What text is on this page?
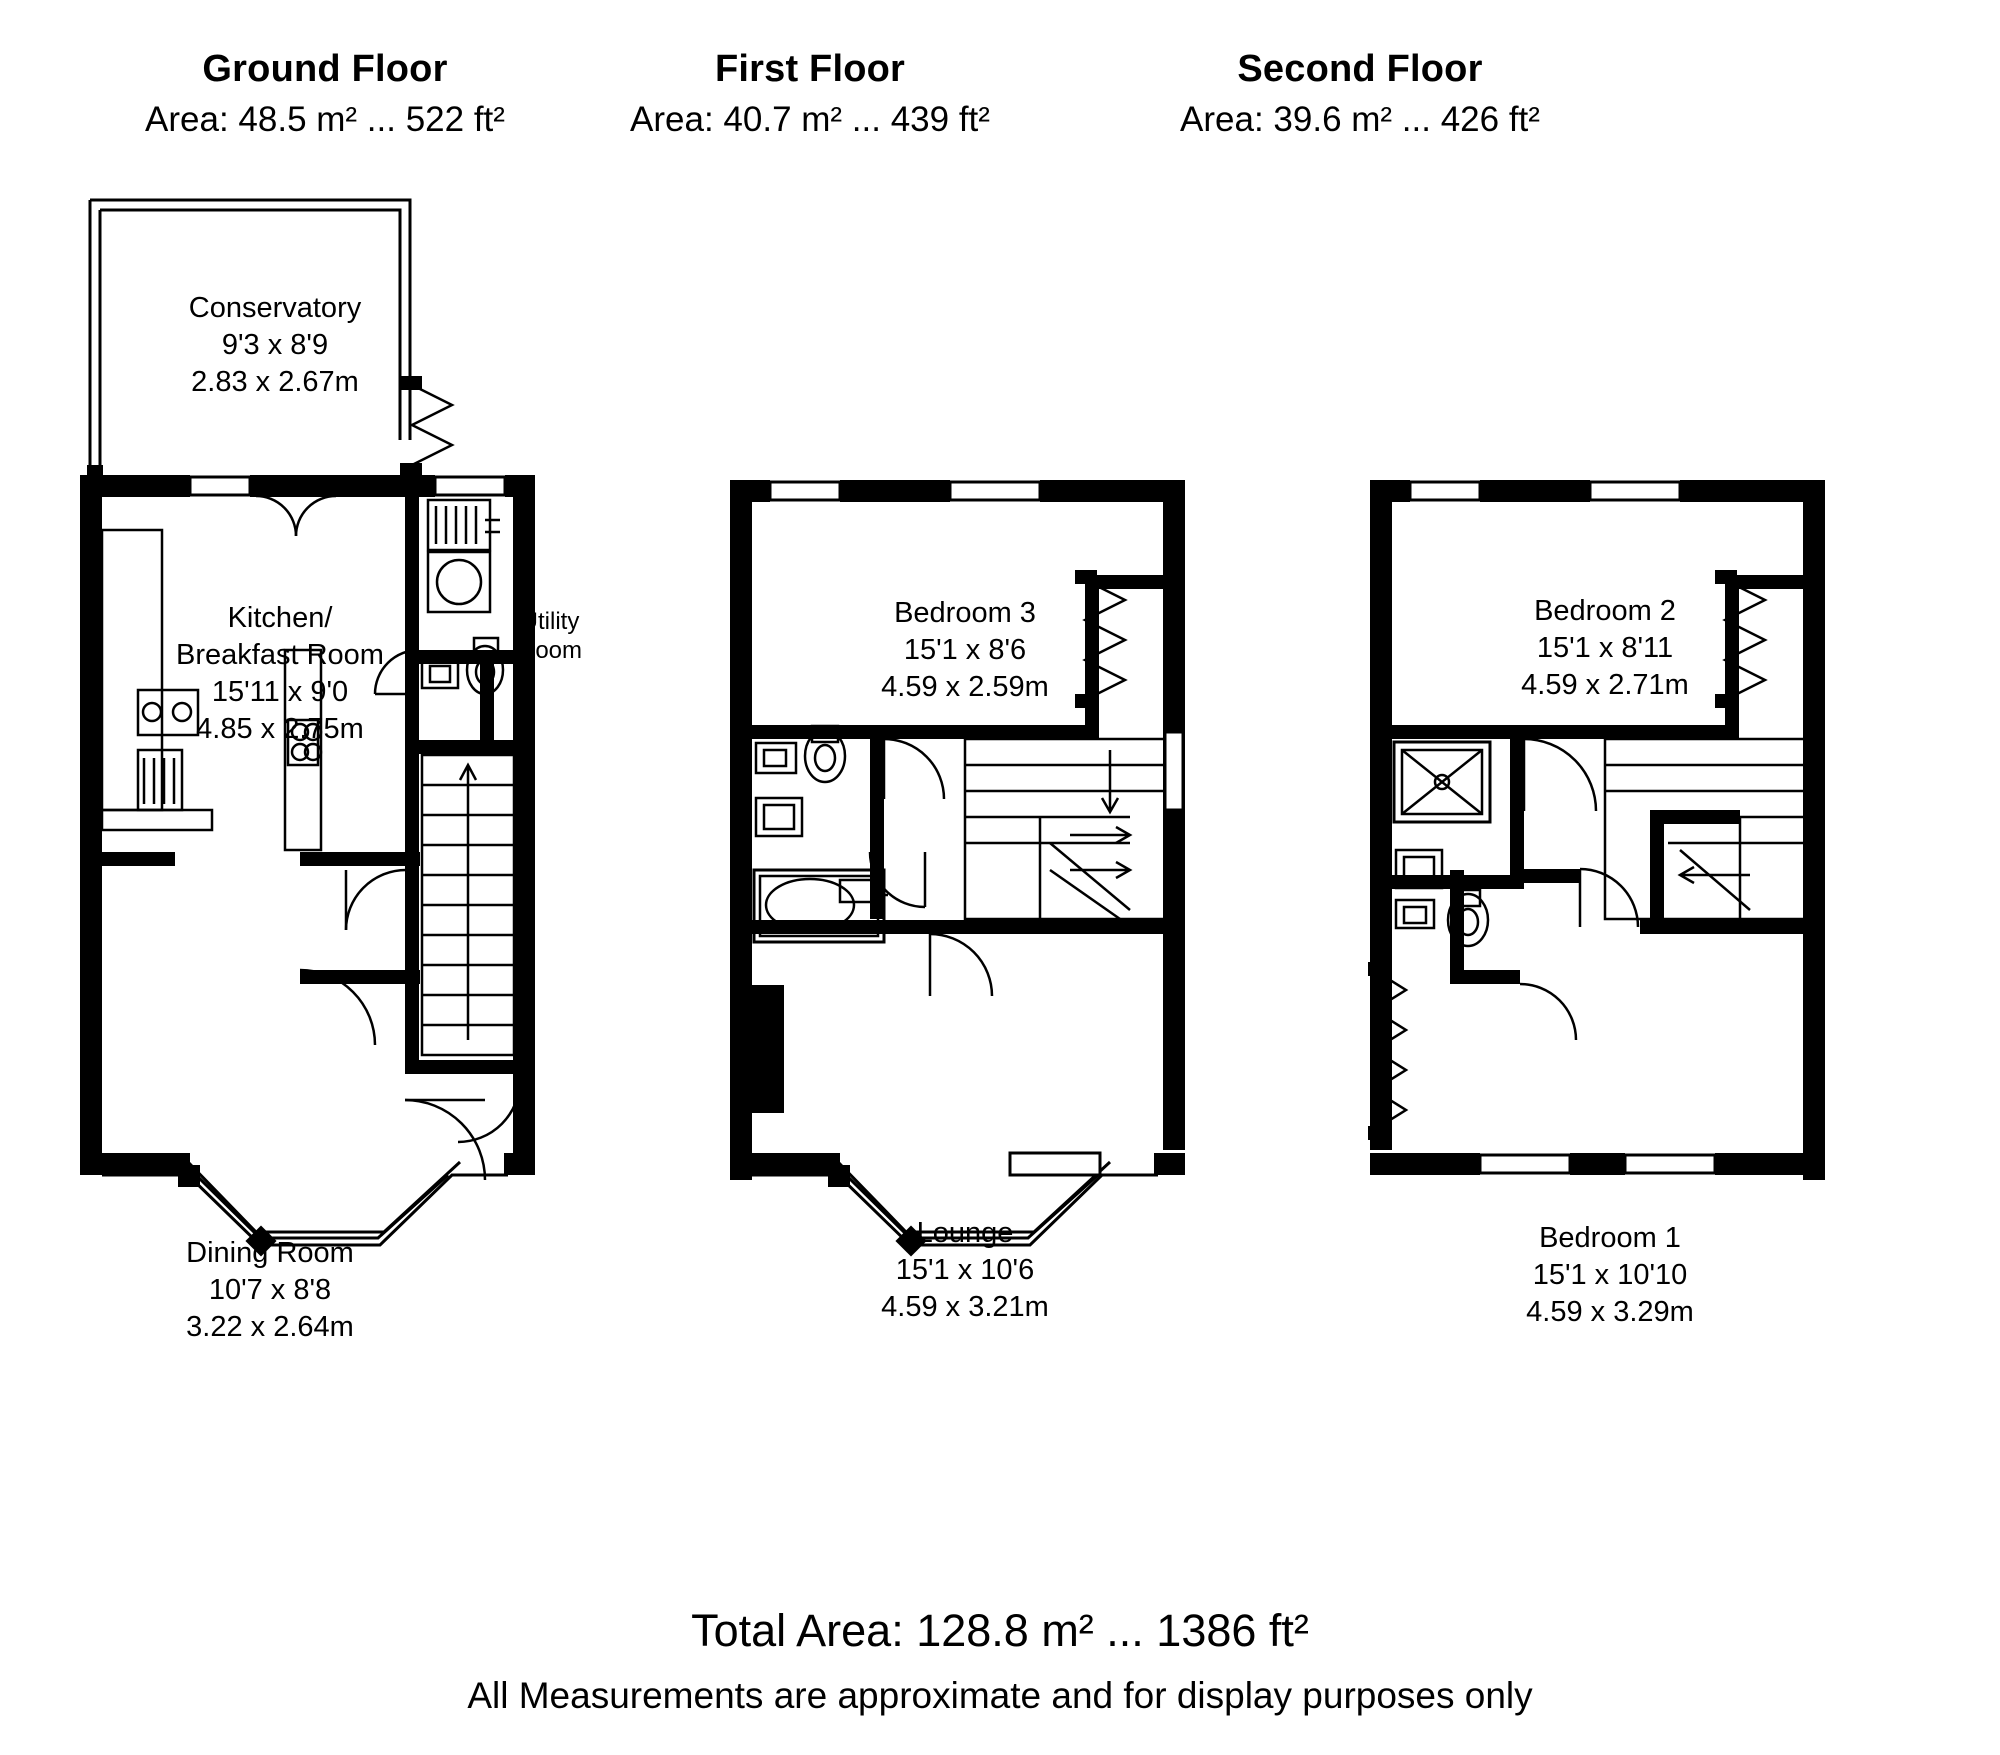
Ground Floor
Area: 48.5 m² ... 522 ft²
First Floor
Area: 40.7 m² ... 439 ft²
Second Floor
Area: 39.6 m² ... 426 ft²
Conservatory
9'3 x 8'9
2.83 x 2.67m
Kitchen/
Breakfast Room
15'11 x 9'0
4.85 x 2.75m
Utility
Room
Dining Room
10'7 x 8'8
3.22 x 2.64m
Bedroom 3
15'1 x 8'6
4.59 x 2.59m
Lounge
15'1 x 10'6
4.59 x 3.21m
Bedroom 2
15'1 x 8'11
4.59 x 2.71m
Bedroom 1
15'1 x 10'10
4.59 x 3.29m
Total Area: 128.8 m² ... 1386 ft²
All Measurements are approximate and for display purposes only
